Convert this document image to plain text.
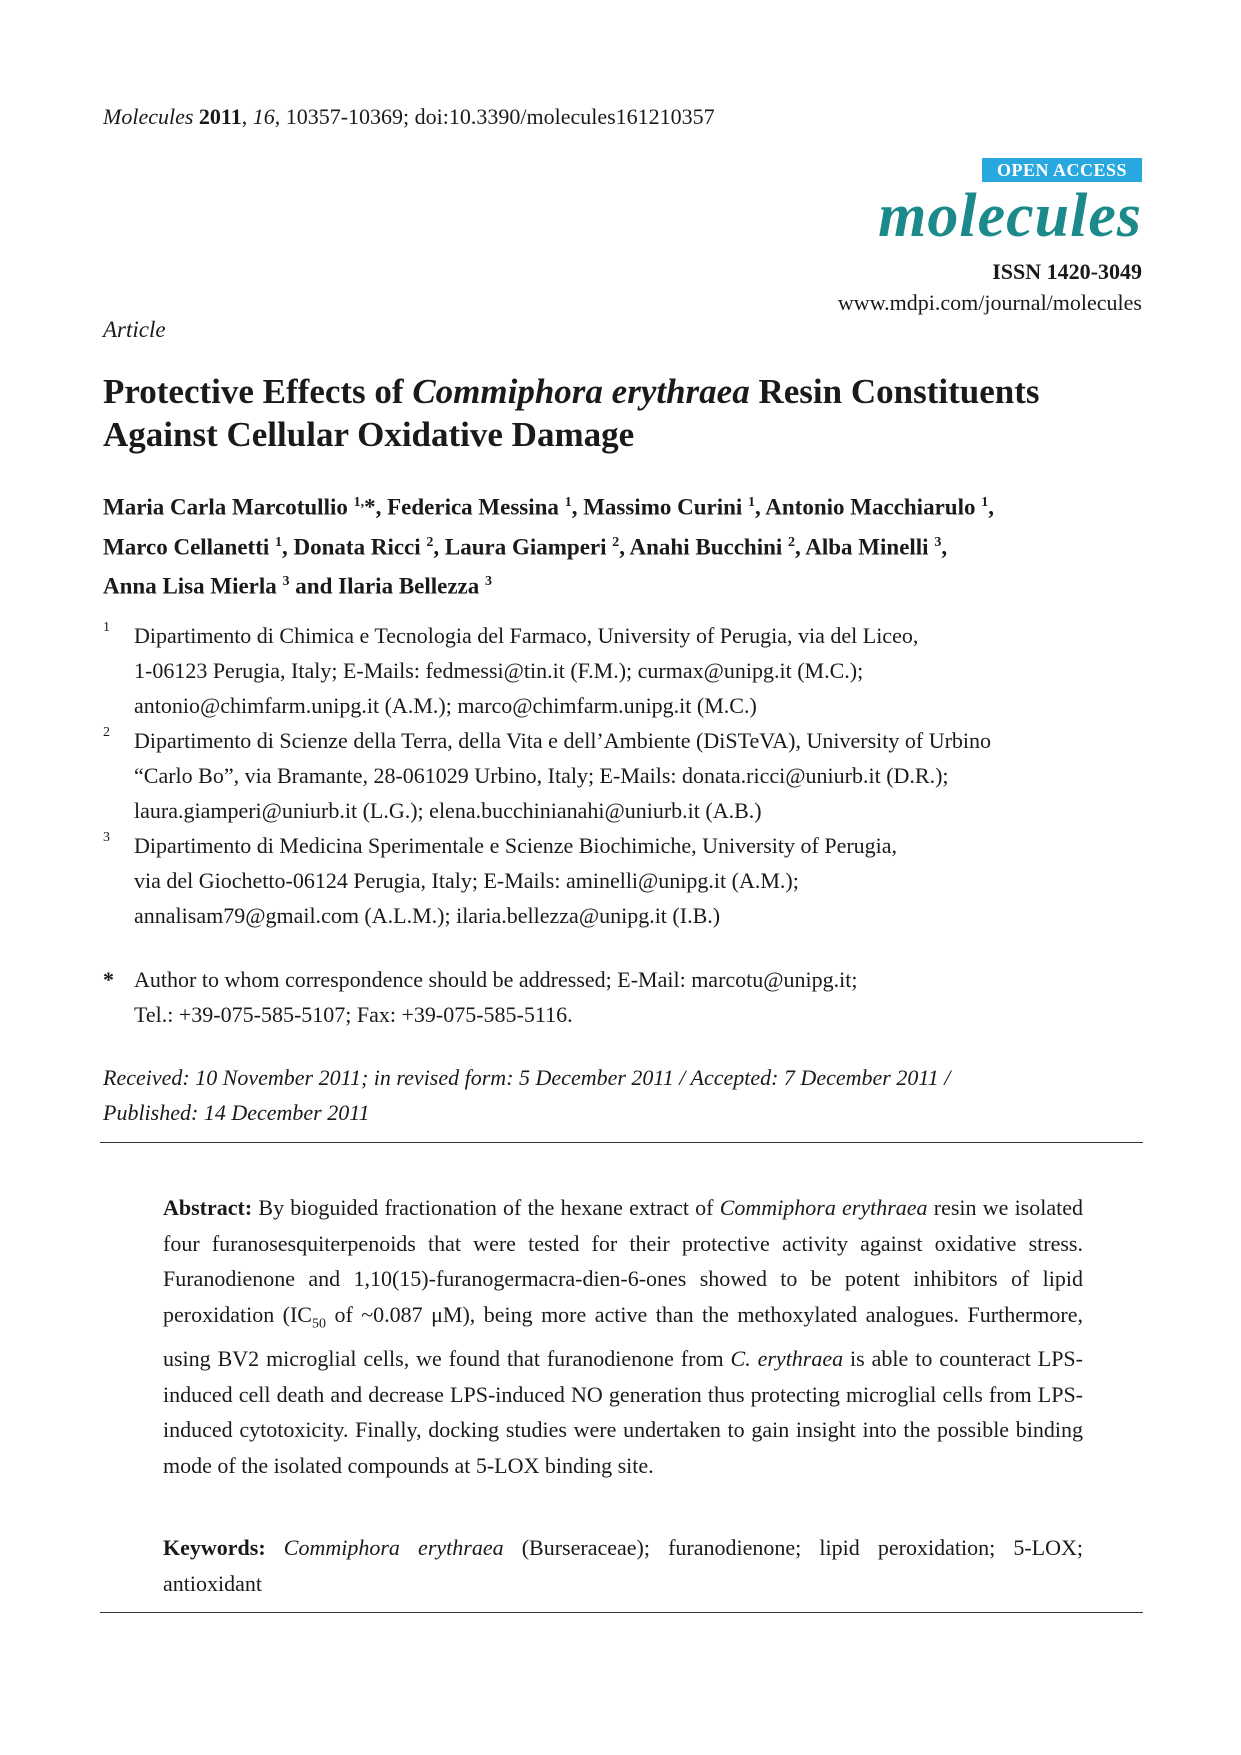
Molecules 2011, 16, 10357-10369; doi:10.3390/molecules161210357
OPEN ACCESS
molecules
ISSN 1420-3049
www.mdpi.com/journal/molecules
Article
Protective Effects of Commiphora erythraea Resin Constituents Against Cellular Oxidative Damage
Maria Carla Marcotullio $^{1,}$*, Federica Messina $^1$, Massimo Curini $^1$, Antonio Macchiarulo $^1$,
Marco Cellanetti $^1$, Donata Ricci $^2$, Laura Giamperi $^2$, Anahi Bucchini $^2$, Alba Minelli $^3$,
Anna Lisa Mierla $^3$ and Ilaria Bellezza $^3$
1 Dipartimento di Chimica e Tecnologia del Farmaco, University of Perugia, via del Liceo,
1-06123 Perugia, Italy; E-Mails: fedmessi@tin.it (F.M.); curmax@unipg.it (M.C.);
antonio@chimfarm.unipg.it (A.M.); marco@chimfarm.unipg.it (M.C.)
2 Dipartimento di Scienze della Terra, della Vita e dell’Ambiente (DiSTeVA), University of Urbino
“Carlo Bo”, via Bramante, 28-061029 Urbino, Italy; E-Mails: donata.ricci@uniurb.it (D.R.);
laura.giamperi@uniurb.it (L.G.); elena.bucchinianahi@uniurb.it (A.B.)
3 Dipartimento di Medicina Sperimentale e Scienze Biochimiche, University of Perugia,
via del Giochetto-06124 Perugia, Italy; E-Mails: aminelli@unipg.it (A.M.);
annalisam79@gmail.com (A.L.M.); ilaria.bellezza@unipg.it (I.B.)
* Author to whom correspondence should be addressed; E-Mail: marcotu@unipg.it;
Tel.: +39-075-585-5107; Fax: +39-075-585-5116.
Received: 10 November 2011; in revised form: 5 December 2011 / Accepted: 7 December 2011 /
Published: 14 December 2011
Abstract: By bioguided fractionation of the hexane extract of Commiphora erythraea resin we isolated four furanosesquiterpenoids that were tested for their protective activity against oxidative stress. Furanodienone and 1,10(15)-furanogermacra-dien-6-ones showed to be potent inhibitors of lipid peroxidation ($IC_{50}$ of ~0.087 μM), being more active than the methoxylated analogues. Furthermore, using BV2 microglial cells, we found that furanodienone from C. erythraea is able to counteract LPS-induced cell death and decrease LPS-induced NO generation thus protecting microglial cells from LPS-induced cytotoxicity. Finally, docking studies were undertaken to gain insight into the possible binding mode of the isolated compounds at 5-LOX binding site.
Keywords: Commiphora erythraea (Burseraceae); furanodienone; lipid peroxidation; 5-LOX; antioxidant
